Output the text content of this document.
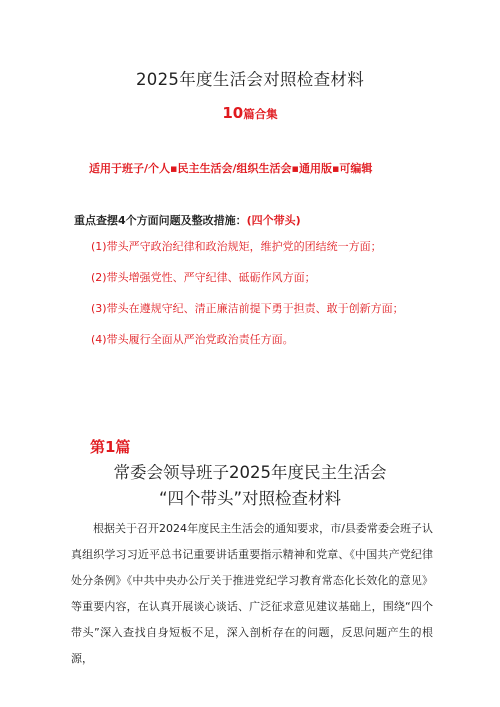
2025年度生活会对照检查材料
10篇合集
适用于班子/个人▪民主生活会/组织生活会▪通用版▪可编辑
重点查摆4个方面问题及整改措施：(四个带头)
(1)带头严守政治纪律和政治规矩，维护党的团结统一方面；
(2)带头增强党性、严守纪律、砥砺作风方面；
(3)带头在遵规守纪、清正廉洁前提下勇于担责、敢于创新方面；
(4)带头履行全面从严治党政治责任方面。
第1篇
常委会领导班子2025年度民主生活会
“四个带头”对照检查材料

根据关于召开2024年度民主生活会的通知要求，市/县委常委会班子认真组织学习习近平总书记重要讲话重要指示精神和党章、《中国共产党纪律处分条例》《中共中央办公厅关于推进党纪学习教育常态化长效化的意见》等重要内容，在认真开展谈心谈话、广泛征求意见建议基础上，围绕“四个带头”深入查找自身短板不足，深入剖析存在的问题，反思问题产生的根源，
